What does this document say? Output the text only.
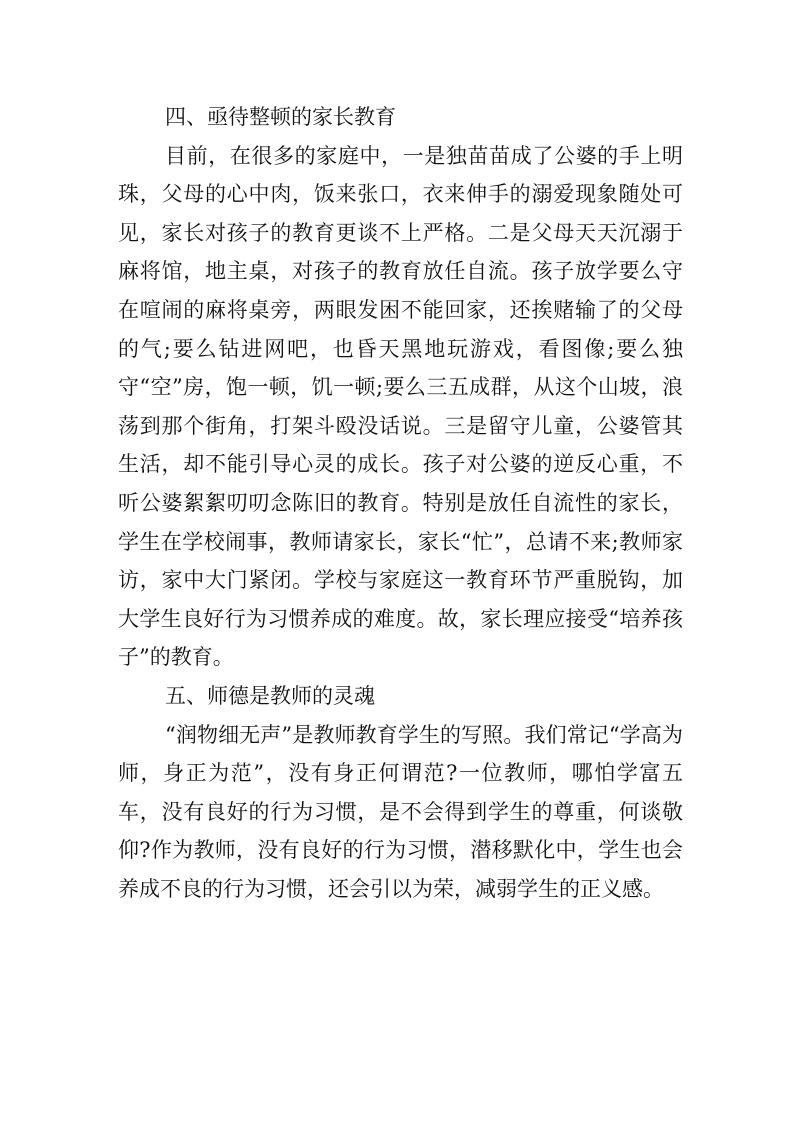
四、亟待整顿的家长教育

目前，在很多的家庭中，一是独苗苗成了公婆的手上明珠，父母的心中肉，饭来张口，衣来伸手的溺爱现象随处可见，家长对孩子的教育更谈不上严格。二是父母天天沉溺于麻将馆，地主桌，对孩子的教育放任自流。孩子放学要么守在喧闹的麻将桌旁，两眼发困不能回家，还挨赌输了的父母的气;要么钻进网吧，也昏天黑地玩游戏，看图像;要么独守“空”房，饱一顿，饥一顿;要么三五成群，从这个山坡，浪荡到那个街角，打架斗殴没话说。三是留守儿童，公婆管其生活，却不能引导心灵的成长。孩子对公婆的逆反心重，不听公婆絮絮叨叨念陈旧的教育。特别是放任自流性的家长，学生在学校闹事，教师请家长，家长“忙”，总请不来;教师家访，家中大门紧闭。学校与家庭这一教育环节严重脱钩，加大学生良好行为习惯养成的难度。故，家长理应接受“培养孩子”的教育。

五、师德是教师的灵魂

“润物细无声”是教师教育学生的写照。我们常记“学高为师，身正为范”，没有身正何谓范?一位教师，哪怕学富五车，没有良好的行为习惯，是不会得到学生的尊重，何谈敬仰?作为教师，没有良好的行为习惯，潜移默化中，学生也会养成不良的行为习惯，还会引以为荣，减弱学生的正义感。
